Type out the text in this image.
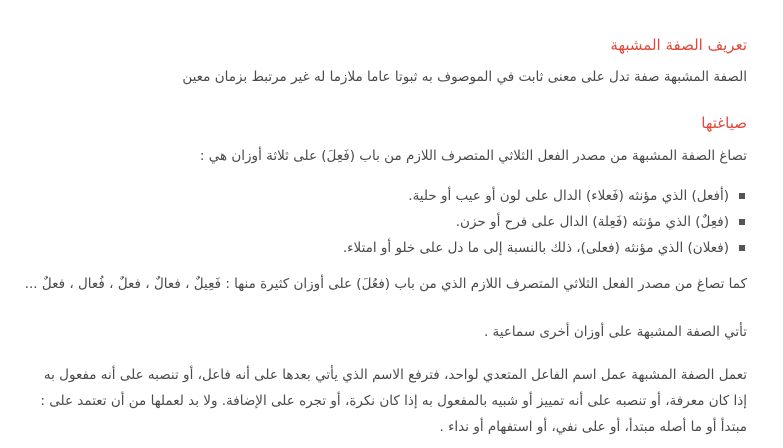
تعريف الصفة المشبهة
الصفة المشبهة صفة تدل على معنى ثابت في الموصوف به ثبوتا عاما ملازما له غير مرتبط بزمان معين
صياغتها
تصاغ الصفة المشبهة من مصدر الفعل الثلاثي المتصرف اللازم من باب (فَعِلَ) على ثلاثة أوزان هي :
(أفعل) الذي مؤنثه (فَعلاء) الدال على لون أو عيب أو حلية.
(فعِلٌ) الذي مؤنثه (فَعِلة) الدال على فرح أو حزن.
(فعلان) الذي مؤنثه (فعلى)، ذلك بالنسبة إلى ما دل على خلو أو امتلاء.
كما تصاغ من مصدر الفعل الثلاثي المتصرف اللازم الذي من باب (فعُلَ) على أوزان كثيرة منها : فَعِيلٌ ، فعالٌ ، فعلٌ ، فُعال ، فعلٌ ...
تأتي الصفة المشبهة على أوزان أخرى سماعية .
تعمل الصفة المشبهة عمل اسم الفاعل المتعدي لواحد، فترفع الاسم الذي يأتي بعدها على أنه فاعل، أو تنصبه على أنه مفعول به إذا كان معرفة، أو تنصبه على أنه تمييز أو شبيه بالمفعول به إذا كان نكرة، أو تجره على الإضافة. ولا بد لعملها من أن تعتمد على : مبتدأ أو ما أصله مبتدأ، أو على نفي، أو استفهام أو نداء .
